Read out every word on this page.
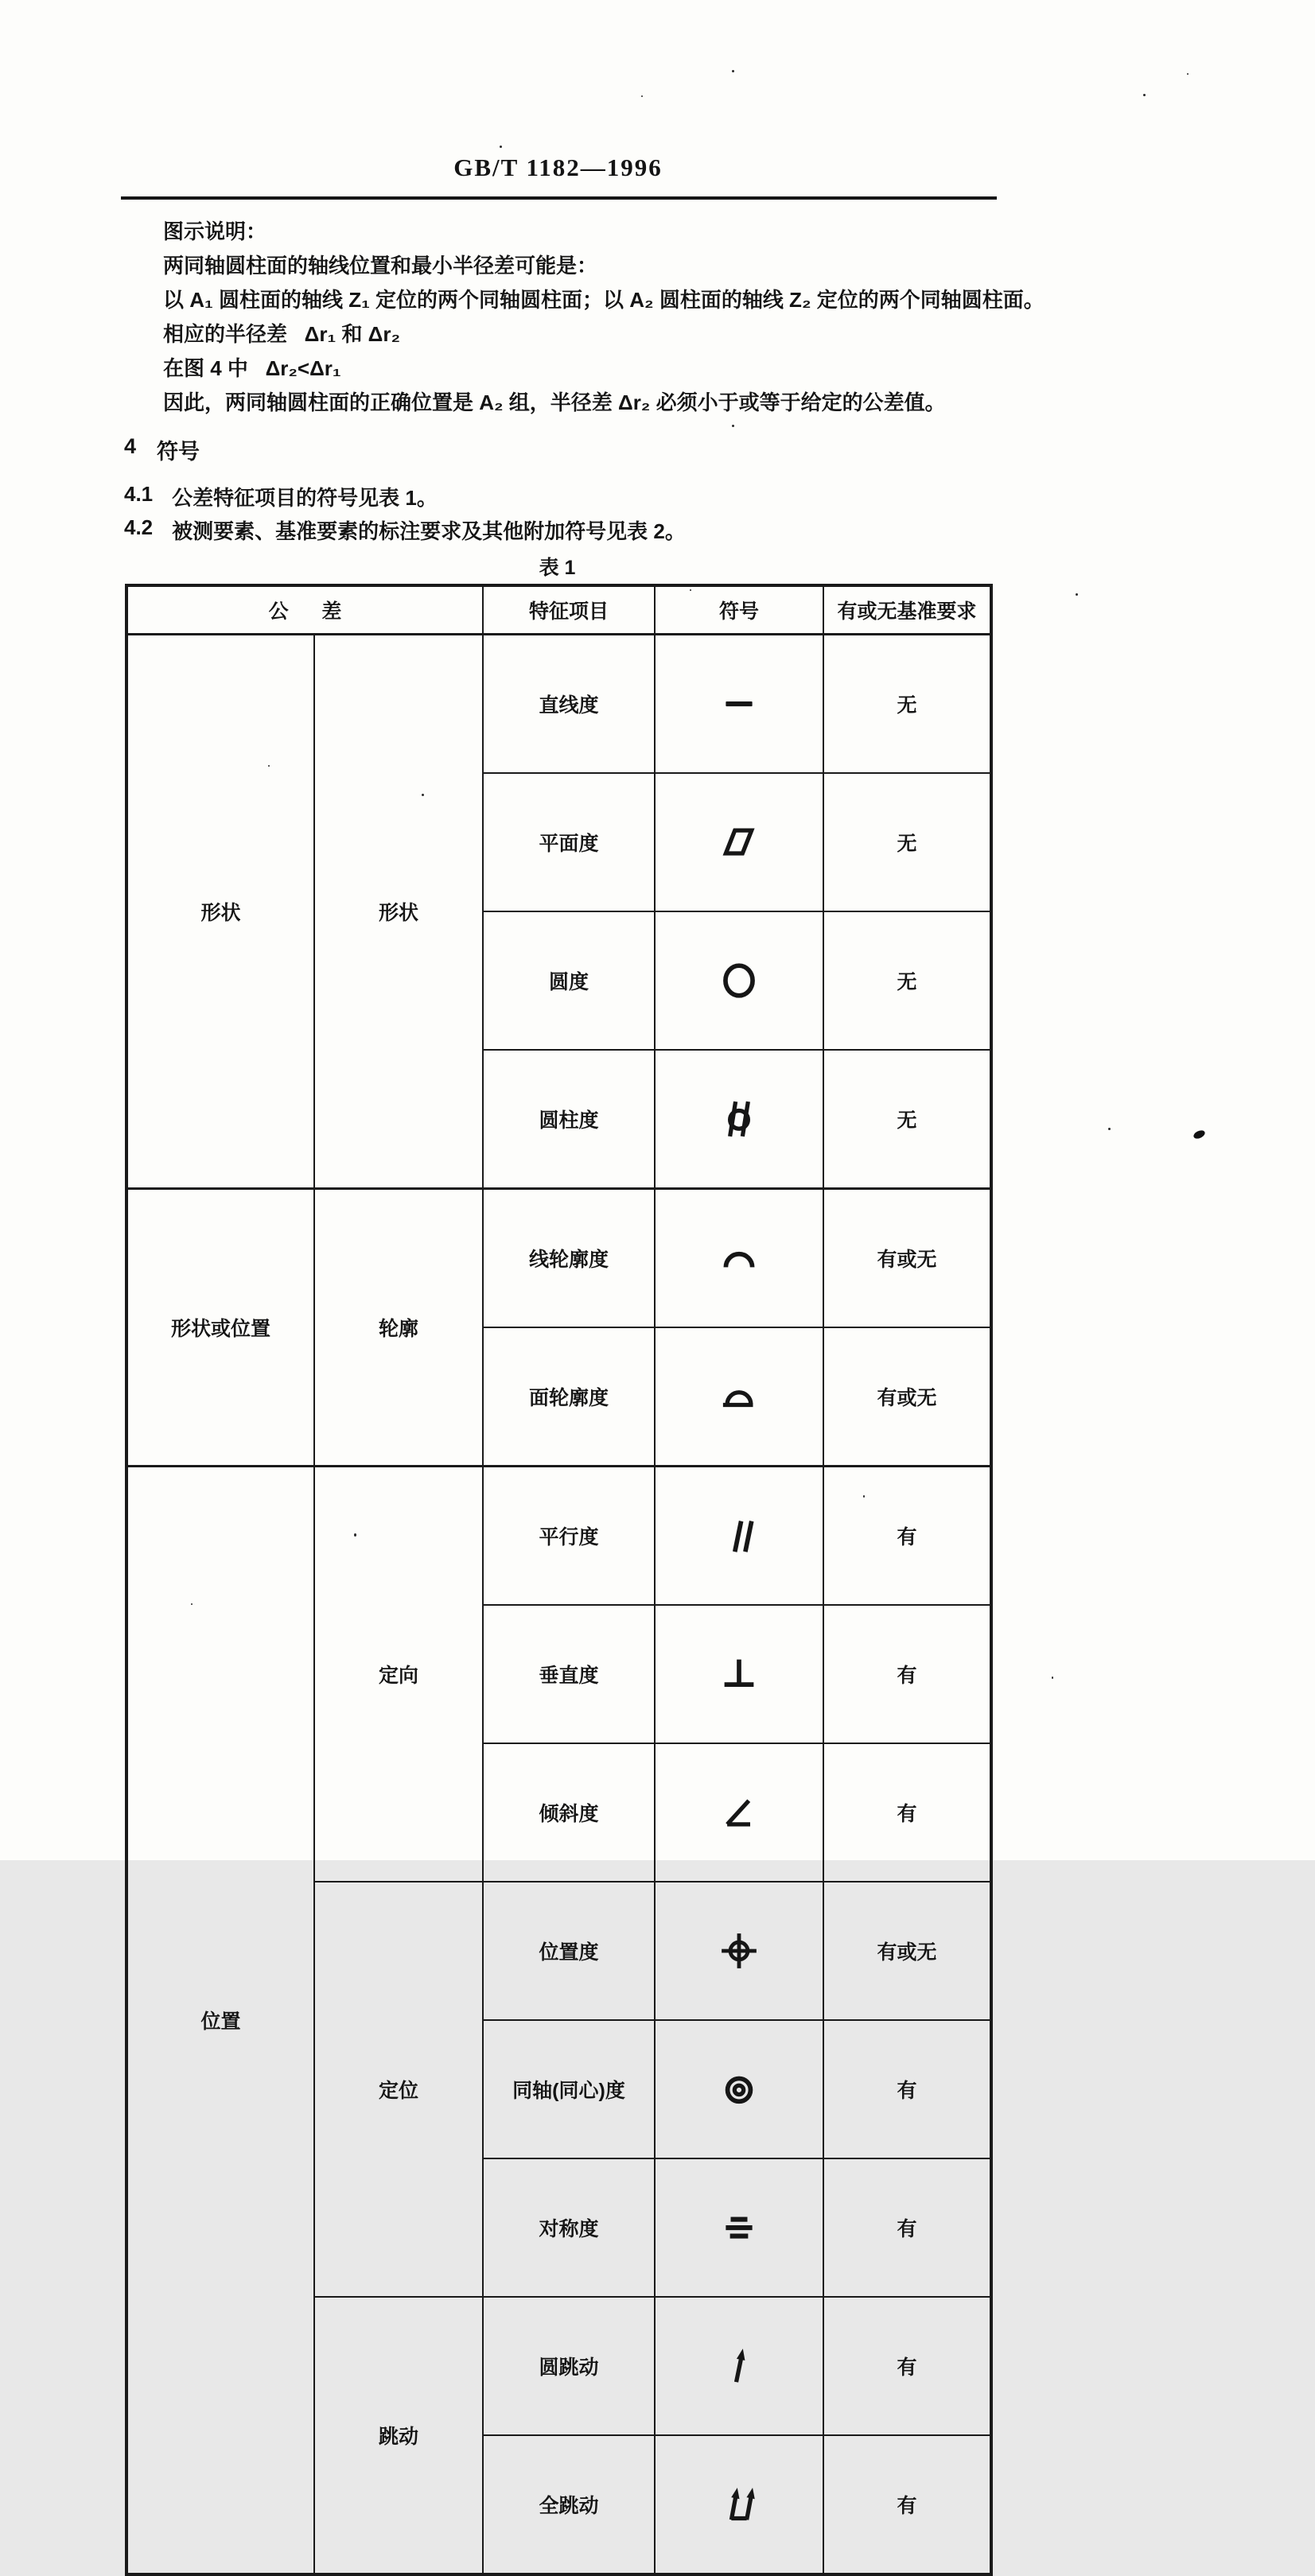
GB/T 1182—1996
图示说明：
两同轴圆柱面的轴线位置和最小半径差可能是：
以 A₁ 圆柱面的轴线 Z₁ 定位的两个同轴圆柱面；以 A₂ 圆柱面的轴线 Z₂ 定位的两个同轴圆柱面。
相应的半径差   Δr₁ 和 Δr₂
在图 4 中   Δr₂<Δr₁
因此，两同轴圆柱面的正确位置是 A₂ 组，半径差 Δr₂ 必须小于或等于给定的公差值。
4 符号
4.1 公差特征项目的符号见表 1。
4.2 被测要素、基准要素的标注要求及其他附加符号见表 2。
表 1
公      差		特征项目	符号	有或无基准要求
形状	形状	直线度		无
		平面度		无
		圆度		无
		圆柱度		无
形状或位置	轮廓	线轮廓度		有或无
		面轮廓度		有或无
位置	定向	平行度		有
		垂直度		有
		倾斜度		有
	定位	位置度		有或无
		同轴(同心)度		有
		对称度		有
	跳动	圆跳动		有
		全跳动		有
